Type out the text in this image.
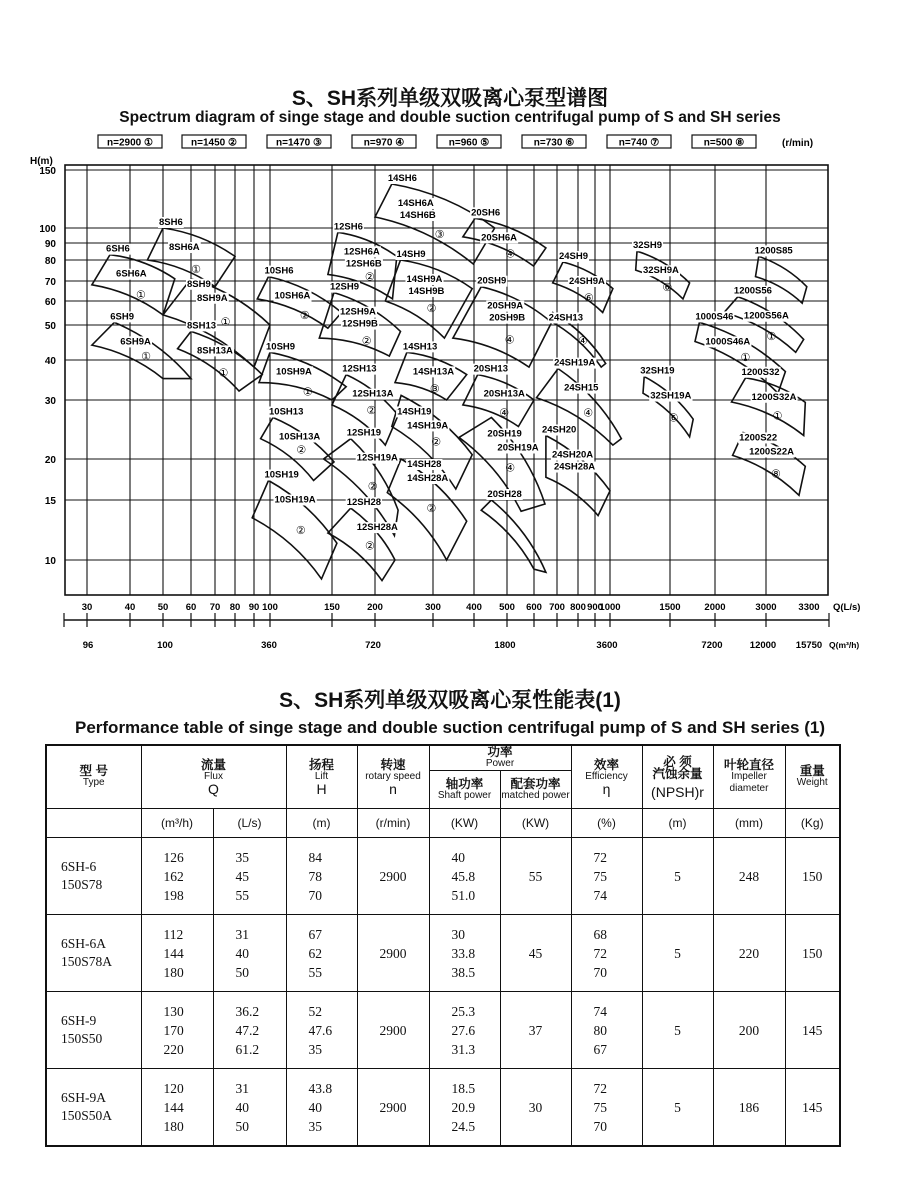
S、SH系列单级双吸离心泵型谱图
Spectrum diagram of singe stage and double suction centrifugal pump of S and SH series
n=2900 ①	n=1450 ②	n=1470 ③	n=970 ④	n=960 ⑤	n=730 ⑥	n=740 ⑦	n=500 ⑧	(r/min)
H(m)
150
100
90
80
70
60
50
40
30
20
15
10
30	40 50 60 70 80 90 100	150	200	300	400 500 600 700 800 900
1000	1500	2000	3000 3300 Q(L/s)
96	100	360	720	1800	3600	7200	12000 15750 Q(m³/h)
6SH6
6SH6A
①
6SH9
6SH9A
①
8SH6
8SH6A
①
8SH9
8SH9A
①
8SH13
8SH13A
①
10SH6
10SH6A
②
10SH9
10SH9A
①
10SH13
10SH13A
②
10SH19
10SH19A
②
12SH6
12SH6A
12SH6B
②
12SH9
12SH9A
12SH9B
②
12SH13
12SH13A
②
12SH19
12SH19A
②
12SH28
12SH28A
②
14SH6
14SH6A
14SH6B
③
14SH9
14SH9A
14SH9B
②
14SH13
14SH13A
③
14SH19
14SH19A
②
14SH28
14SH28A
②
20SH6
20SH6A
④
20SH9
20SH9A
20SH9B
④
20SH13
20SH13A
④
20SH19
20SH19A
④
20SH28
24SH9
24SH9A
⑥
24SH13
④
24SH19A
24SH15
④
24SH20
24SH20A
24SH28A
32SH9
32SH9A
⑥
32SH19
32SH19A
⑥
1200S85
1200S56
1200S56A
①
1000S46
1000S46A
①
1200S32
1200S32A
①
1200S22
1200S22A
⑧
S、SH系列单级双吸离心泵性能表(1)
Performance table of singe stage and double suction centrifugal pump of S and SH series (1)
型 号
Type	流量
Flux
Q		扬程
Lift
H	转速
rotary speed
n	功率
Power		效率
Efficiency
η	必 须
汽蚀余量
(NPSH)r	叶轮直径
Impeller diameter	重量
Weight

					轴功率
Shaft power	配套功率
matched power				
	(m³/h)	(L/s)	(m)	(r/min)	(KW)	(KW)	(%)	(m)	(mm)	(Kg)
6SH-6
150S78	126
162
198	35
45
55	84
78
70	2900	40
45.8
51.0	55	72
75
74	5	248	150
6SH-6A
150S78A	112
144
180	31
40
50	67
62
55	2900	30
33.8
38.5	45	68
72
70	5	220	150
6SH-9
150S50	130
170
220	36.2
47.2
61.2	52
47.6
35	2900	25.3
27.6
31.3	37	74
80
67	5	200	145
6SH-9A
150S50A	120
144
180	31
40
50	43.8
40
35	2900	18.5
20.9
24.5	30	72
75
70	5	186	145
